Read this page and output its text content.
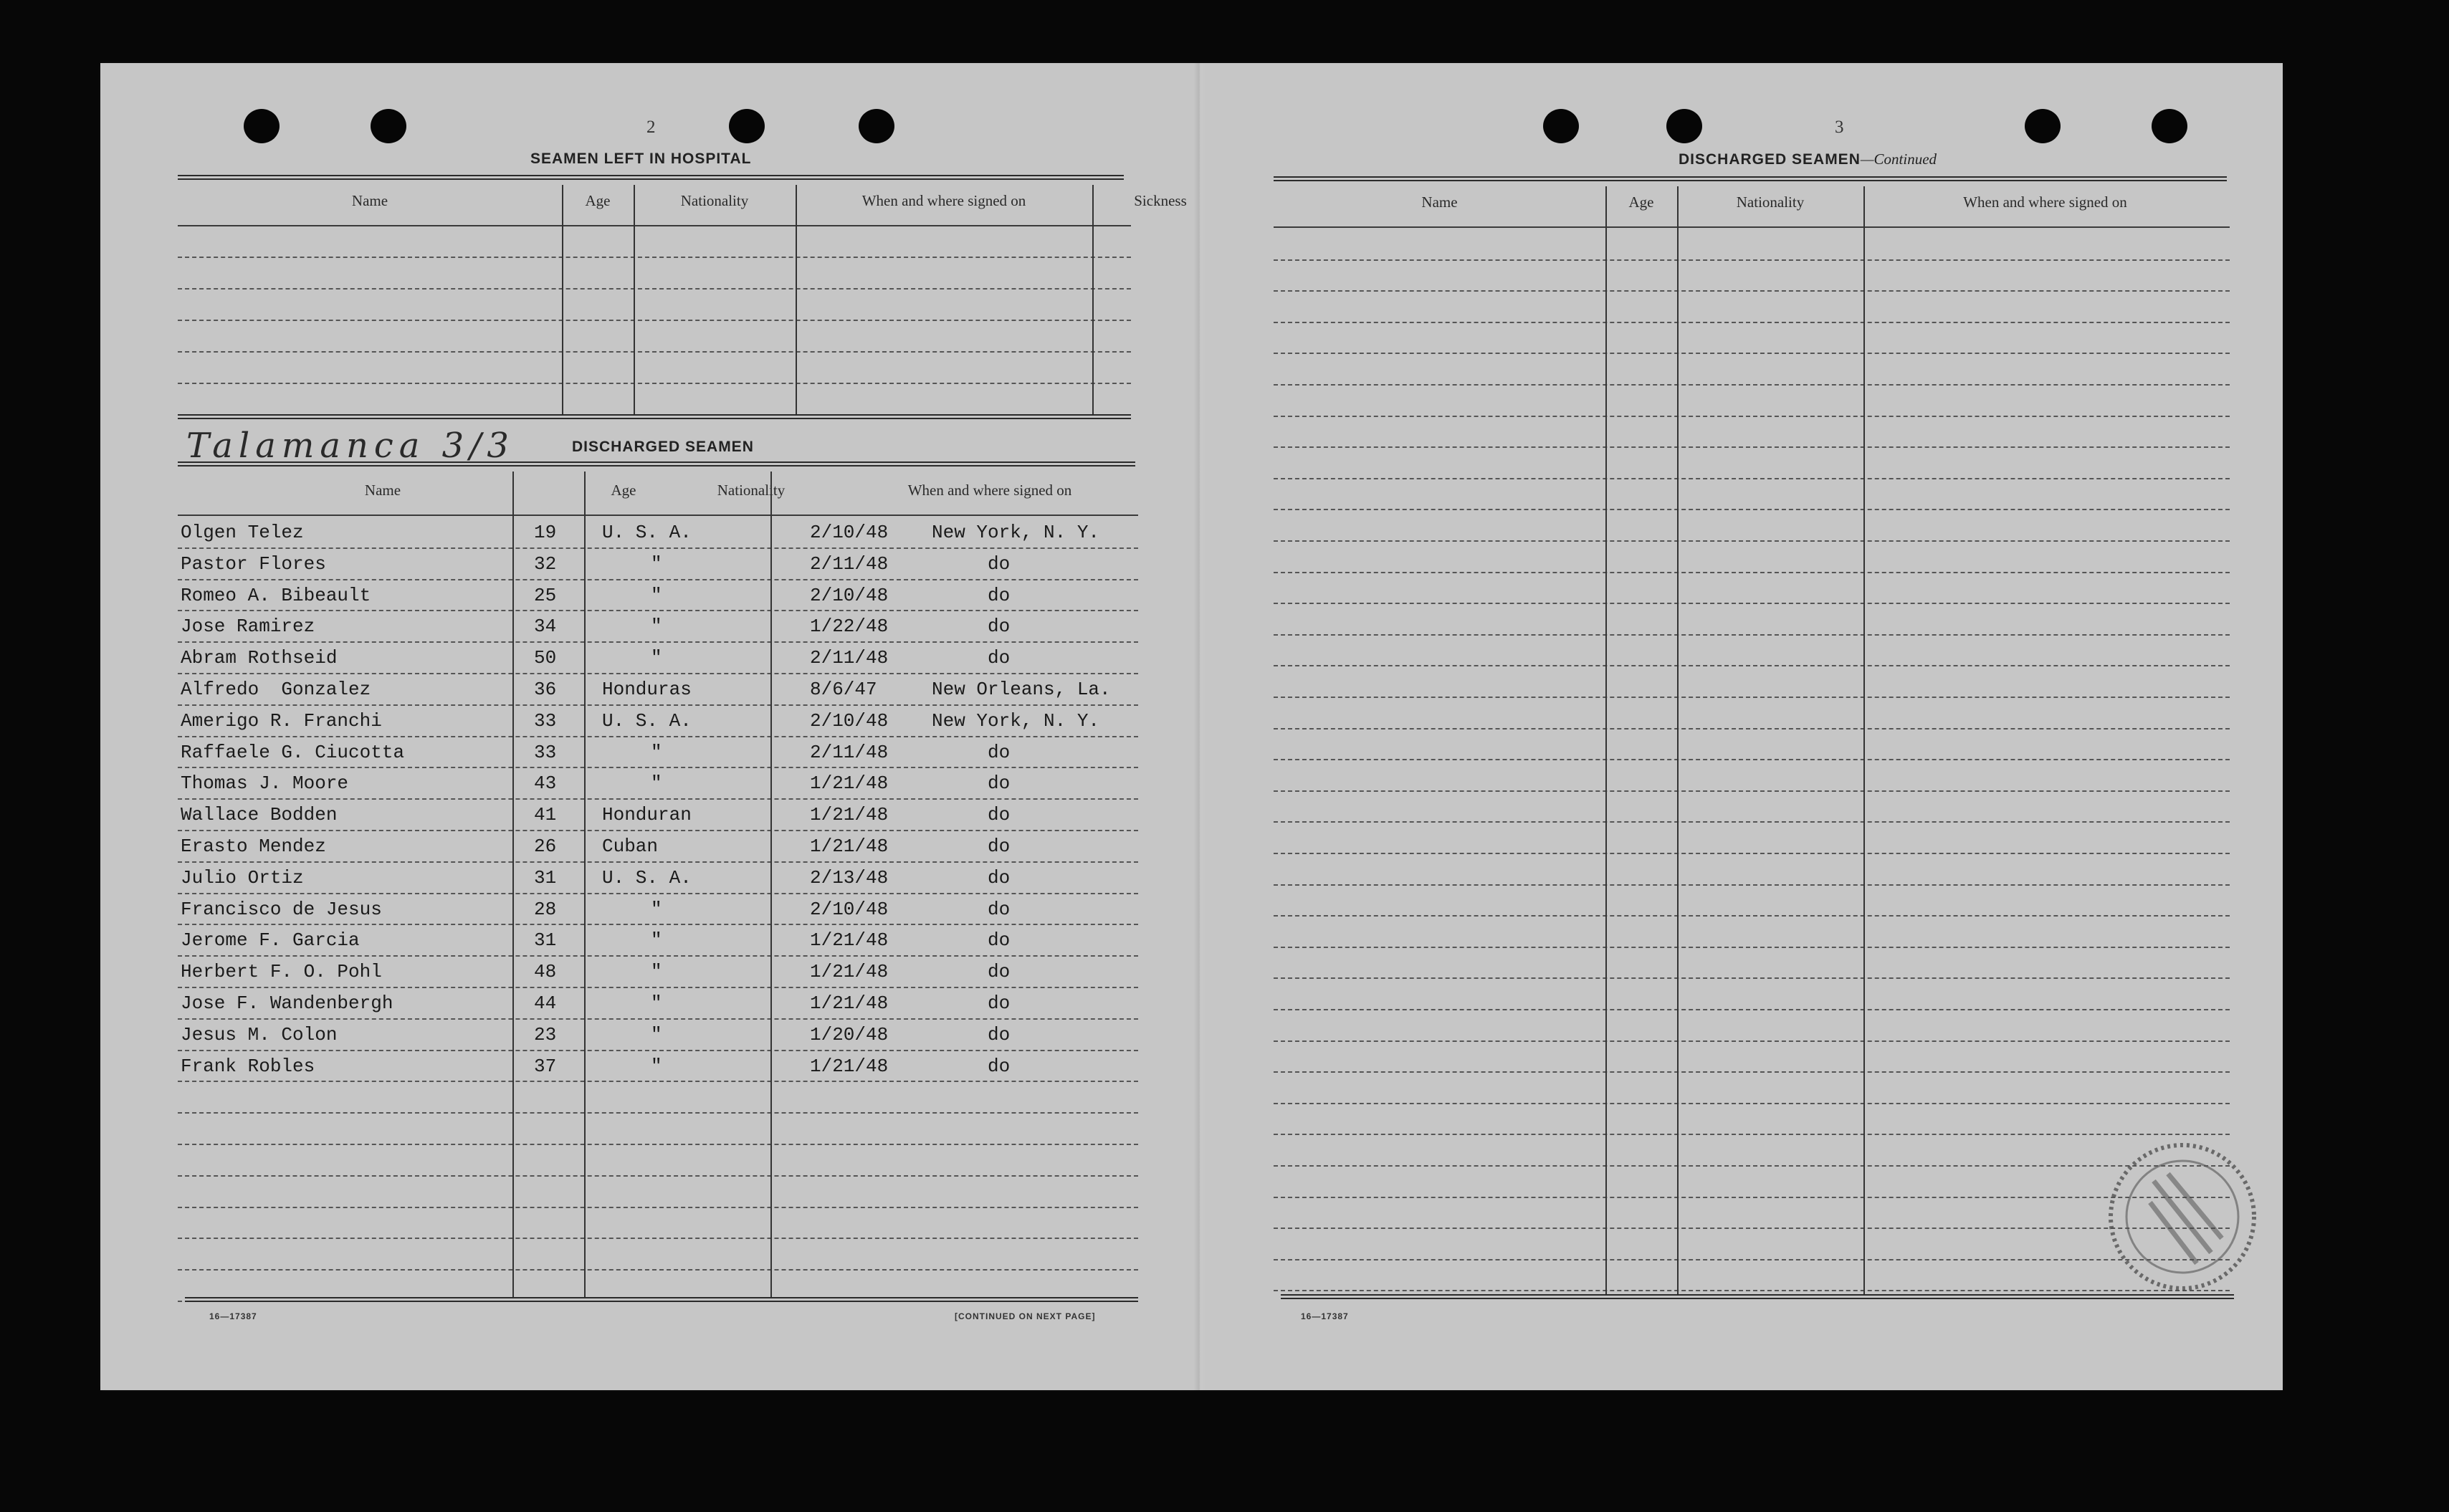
2
SEAMEN LEFT IN HOSPITAL
Name	Age	Nationality	When and where signed on	Sickness
Talamanca 3/3	DISCHARGED SEAMEN
Name	Age	Nationality	When and where signed on
Olgen Telez	19 U. S. A.	2/10/48 New York, N. Y.
Pastor Flores	32	"	2/11/48	do
Romeo A. Bibeault	25	"	2/10/48	do
Jose Ramirez	34	"	1/22/48	do
Abram Rothseid	50	"	2/11/48	do
Alfredo  Gonzalez	36 Honduras	8/6/47	New Orleans, La.
Amerigo R. Franchi	33 U. S. A.	2/10/48 New York, N. Y.
Raffaele G. Ciucotta	33	"	2/11/48	do
Thomas J. Moore	43	"	1/21/48	do
Wallace Bodden	41 Honduran	1/21/48	do
Erasto Mendez	26 Cuban	1/21/48	do
Julio Ortiz	31 U. S. A.	2/13/48	do
Francisco de Jesus	28	"	2/10/48	do
Jerome F. Garcia	31	"	1/21/48	do
Herbert F. O. Pohl	48	"	1/21/48	do
Jose F. Wandenbergh	44	"	1/21/48	do
Jesus M. Colon	23	"	1/20/48	do
Frank Robles	37	"	1/21/48	do
16—17387	[CONTINUED ON NEXT PAGE]
3
DISCHARGED SEAMEN—Continued
Name	Age	Nationality	When and where signed on
16—17387
